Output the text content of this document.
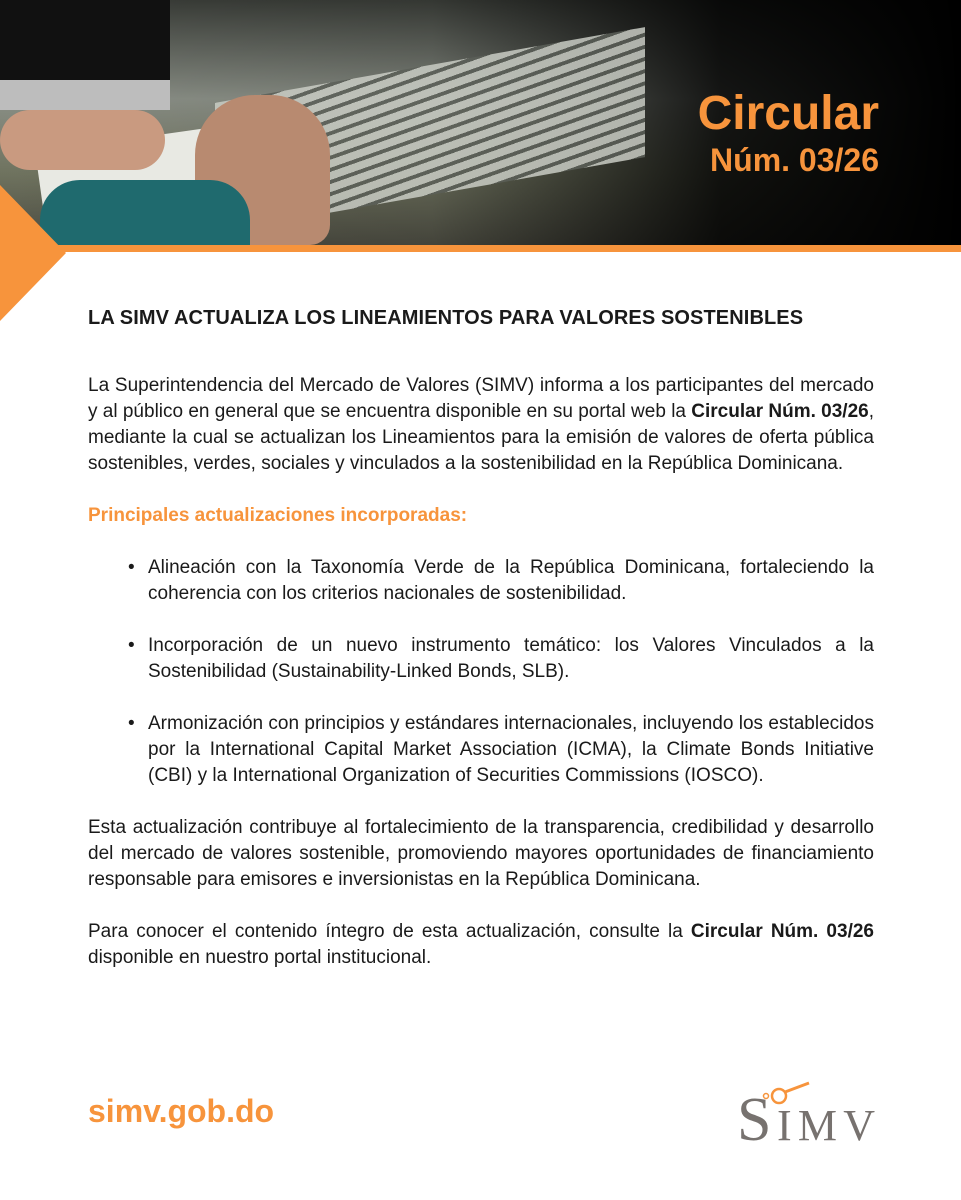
Circular
Núm. 03/26
LA SIMV ACTUALIZA LOS LINEAMIENTOS PARA VALORES SOSTENIBLES

La Superintendencia del Mercado de Valores (SIMV) informa a los participantes del mercado y al público en general que se encuentra disponible en su portal web la Circular Núm. 03/26, mediante la cual se actualizan los Lineamientos para la emisión de valores de oferta pública sostenibles, verdes, sociales y vinculados a la sostenibilidad en la República Dominicana.

Principales actualizaciones incorporadas:
• Alineación con la Taxonomía Verde de la República Dominicana, fortaleciendo la coherencia con los criterios nacionales de sostenibilidad.
• Incorporación de un nuevo instrumento temático: los Valores Vinculados a la Sostenibilidad (Sustainability-Linked Bonds, SLB).
• Armonización con principios y estándares internacionales, incluyendo los establecidos por la International Capital Market Association (ICMA), la Climate Bonds Initiative (CBI) y la International Organization of Securities Commissions (IOSCO).

Esta actualización contribuye al fortalecimiento de la transparencia, credibilidad y desarrollo del mercado de valores sostenible, promoviendo mayores oportunidades de financiamiento responsable para emisores e inversionistas en la República Dominicana.

Para conocer el contenido íntegro de esta actualización, consulte la Circular Núm. 03/26 disponible en nuestro portal institucional.

simv.gob.do	S IMV
